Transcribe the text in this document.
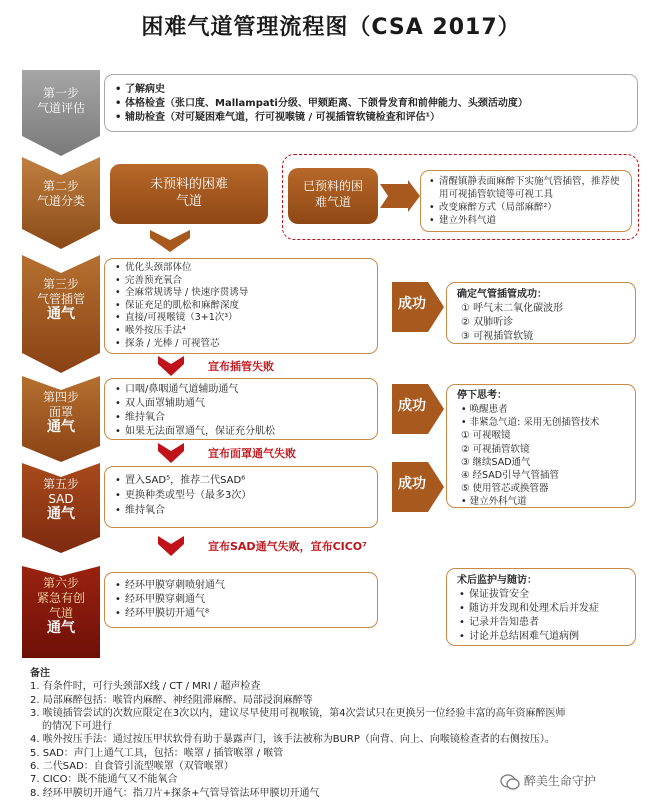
困难气道管理流程图（CSA 2017）
第一步
气道评估
• 了解病史
• 体格检查（张口度、Mallampati分级、甲颏距离、下颌骨发育和前伸能力、头颈活动度）
• 辅助检查（对可疑困难气道，行可视喉镜 / 可视插管软镜检查和评估¹）
第二步
气道分类
未预料的困难气道
已预料的困难气道
• 清醒镇静表面麻醉下实施气管插管，推荐使用可视插管软镜等可视工具
• 改变麻醉方式（局部麻醉²）
• 建立外科气道
第三步
气管插管
通气
• 优化头颈部体位
• 完善预充氧合
• 全麻常规诱导 / 快速序贯诱导
• 保证充足的肌松和麻醉深度
• 直接/可视喉镜（3+1次³）
• 喉外按压手法⁴
• 探条 / 光棒 / 可视管芯
成功
确定气管插管成功：
① 呼气末二氧化碳波形
② 双肺听诊
③ 可视插管软镜
宣布插管失败
第四步
面罩
通气
• 口咽/鼻咽通气道辅助通气
• 双人面罩辅助通气
• 维持氧合
• 如果无法面罩通气，保证充分肌松
成功
停下思考：
• 唤醒患者
• 非紧急气道: 采用无创插管技术
① 可视喉镜
② 可视插管软镜
③ 继续SAD通气
④ 经SAD引导气管插管
⑤ 使用管芯或换管器
• 建立外科气道
宣布面罩通气失败
第五步
SAD
通气
• 置入SAD⁵，推荐二代SAD⁶
• 更换种类或型号（最多3次）
• 维持氧合
成功
宣布SAD通气失败，宣布CICO⁷
第六步
紧急有创气道
通气
• 经环甲膜穿刺喷射通气
• 经环甲膜穿刺通气
• 经环甲膜切开通气⁸
术后监护与随访：
• 保证拔管安全
• 随访并发现和处理术后并发症
• 记录并告知患者
• 讨论并总结困难气道病例
备注
1. 有条件时，可行头颈部X线 / CT / MRI / 超声检查
2. 局部麻醉包括：喉管内麻醉、神经阻滞麻醉、局部浸润麻醉等
3. 喉镜插管尝试的次数应限定在3次以内，建议尽早使用可视喉镜，第4次尝试只在更换另一位经验丰富的高年资麻醉医师
的情况下可进行
4. 喉外按压手法：通过按压甲状软骨有助于暴露声门，该手法被称为BURP（向背、向上、向喉镜检查者的右侧按压）。
5. SAD：声门上通气工具，包括：喉罩 / 插管喉罩 / 喉管
6. 二代SAD：自食管引流型喉罩（双管喉罩）
7. CICO：既不能通气又不能氧合
8. 经环甲膜切开通气：指刀片+探条+气管导管法环甲膜切开通气
醉美生命守护
